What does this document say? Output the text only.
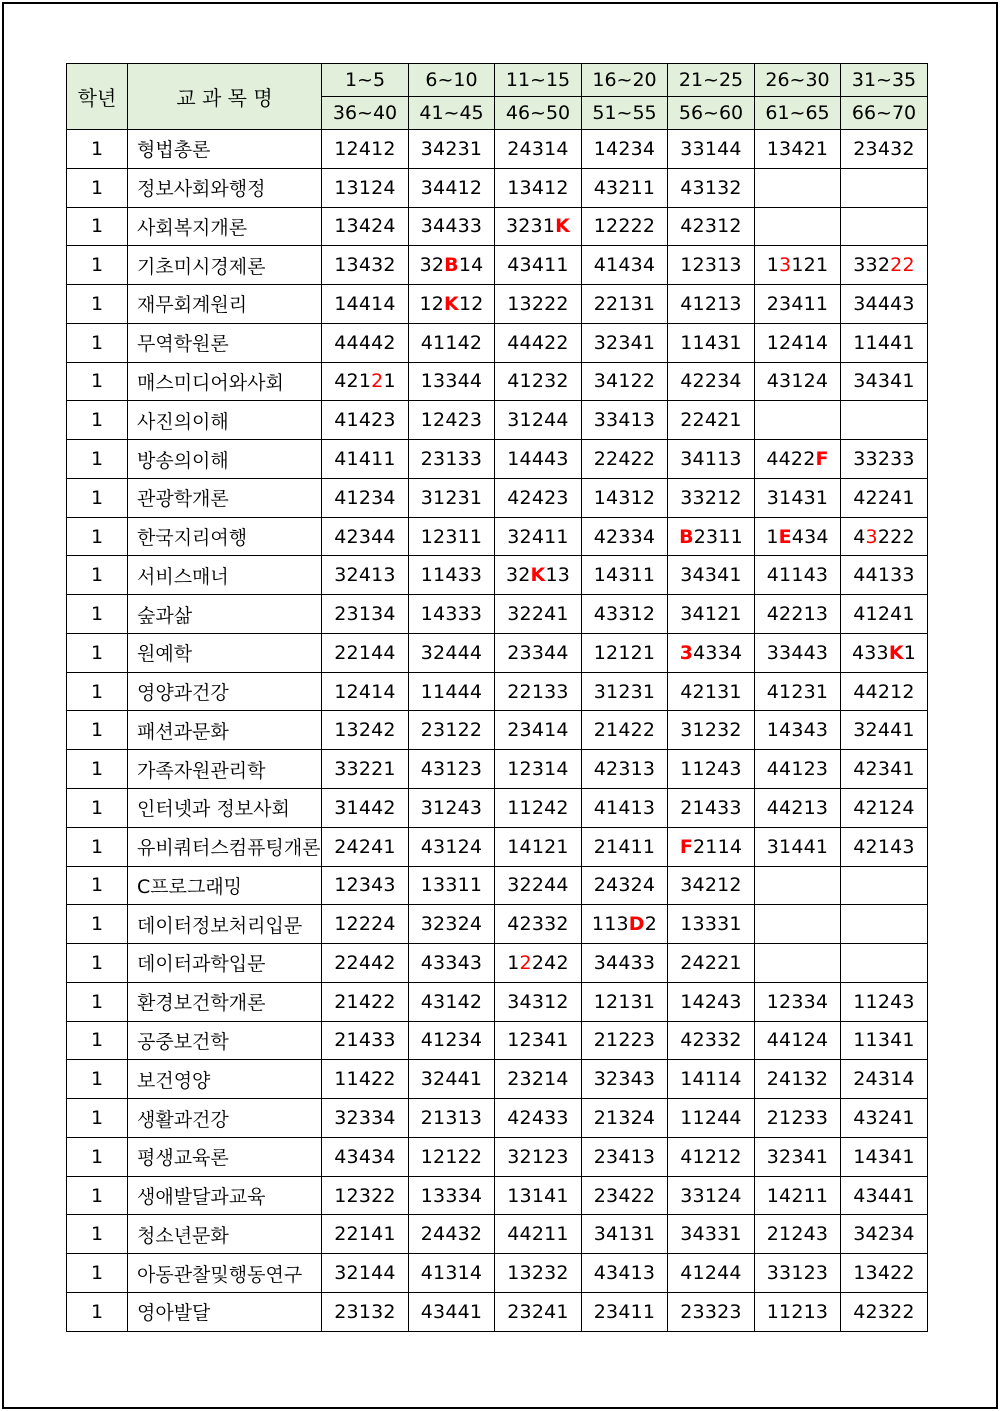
학년	교 과 목 명	1~5	6~10	11~15	16~20	21~25	26~30	31~35
		36~40	41~45	46~50	51~55	56~60	61~65	66~70
1	형법총론	12412	34231	24314	14234	33144	13421	23432
1	정보사회와행정	13124	34412	13412	43211	43132		
1	사회복지개론	13424	34433	3231K	12222	42312		
1	기초미시경제론	13432	32B14	43411	41434	12313	13121	33222
1	재무회계원리	14414	12K12	13222	22131	41213	23411	34443
1	무역학원론	44442	41142	44422	32341	11431	12414	11441
1	매스미디어와사회	42121	13344	41232	34122	42234	43124	34341
1	사진의이해	41423	12423	31244	33413	22421		
1	방송의이해	41411	23133	14443	22422	34113	4422F	33233
1	관광학개론	41234	31231	42423	14312	33212	31431	42241
1	한국지리여행	42344	12311	32411	42334	B2311	1E434	43222
1	서비스매너	32413	11433	32K13	14311	34341	41143	44133
1	숲과삶	23134	14333	32241	43312	34121	42213	41241
1	원예학	22144	32444	23344	12121	34334	33443	433K1
1	영양과건강	12414	11444	22133	31231	42131	41231	44212
1	패션과문화	13242	23122	23414	21422	31232	14343	32441
1	가족자원관리학	33221	43123	12314	42313	11243	44123	42341
1	인터넷과 정보사회	31442	31243	11242	41413	21433	44213	42124
1	유비쿼터스컴퓨팅개론	24241	43124	14121	21411	F2114	31441	42143
1	C프로그래밍	12343	13311	32244	24324	34212		
1	데이터정보처리입문	12224	32324	42332	113D2	13331		
1	데이터과학입문	22442	43343	12242	34433	24221		
1	환경보건학개론	21422	43142	34312	12131	14243	12334	11243
1	공중보건학	21433	41234	12341	21223	42332	44124	11341
1	보건영양	11422	32441	23214	32343	14114	24132	24314
1	생활과건강	32334	21313	42433	21324	11244	21233	43241
1	평생교육론	43434	12122	32123	23413	41212	32341	14341
1	생애발달과교육	12322	13334	13141	23422	33124	14211	43441
1	청소년문화	22141	24432	44211	34131	34331	21243	34234
1	아동관찰및행동연구	32144	41314	13232	43413	41244	33123	13422
1	영아발달	23132	43441	23241	23411	23323	11213	42322
